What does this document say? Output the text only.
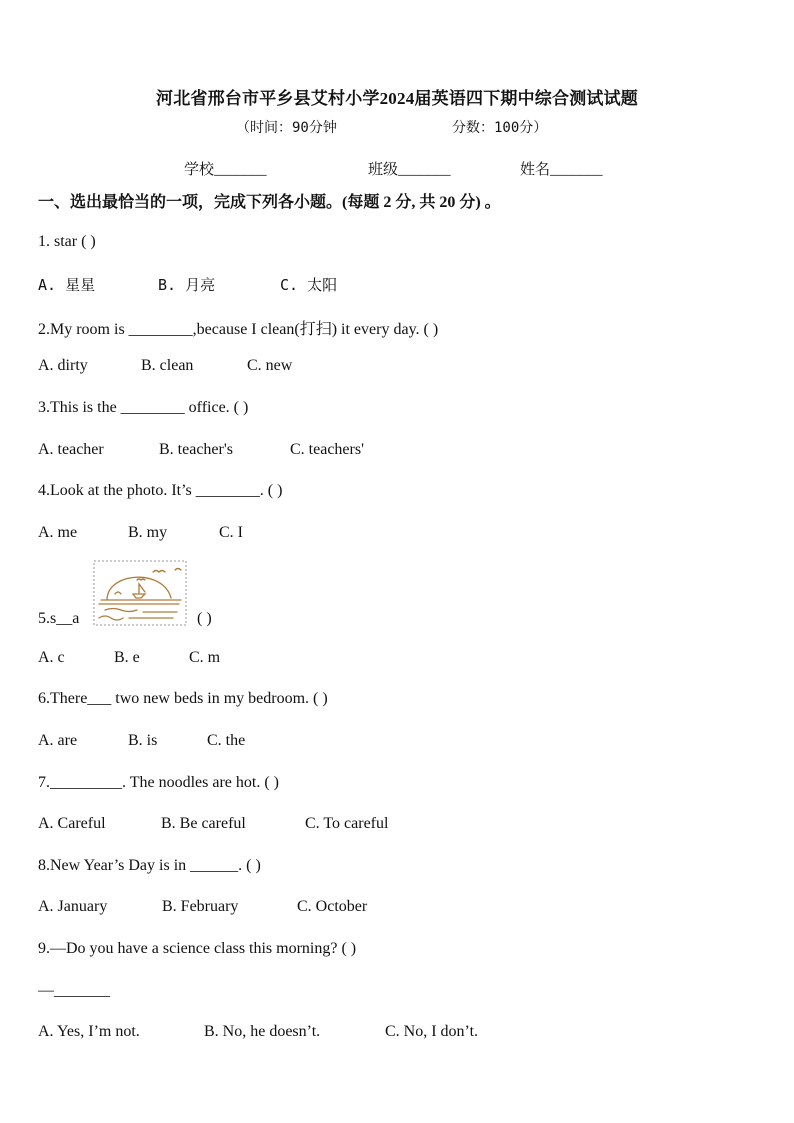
河北省邢台市平乡县艾村小学2024届英语四下期中综合测试试题
（时间：90分钟	分数：100分）
学校_______	班级_______	姓名_______
一、选出最恰当的一项，完成下列各小题。(每题 2 分, 共 20 分) 。
1. star ( )
A. 星星	B. 月亮	C. 太阳
2.My room is ________,because I clean(打扫) it every day. ( )
A. dirty	B. clean	C. new
3.This is the ________ office. ( )
A. teacher	B. teacher's	C. teachers'
4.Look at the photo. It’s ________. ( )
A. me	B. my	C. I
5.s__a	( )
A. c	B. e	C. m
6.There___ two new beds in my bedroom. ( )
A. are	B. is	C. the
7._________. The noodles are hot. ( )
A. Careful	B. Be careful	C. To careful
8.New Year’s Day is in ______. ( )
A. January	B. February	C. October
9.—Do you have a science class this morning? ( )
—_______
A. Yes, I’m not.	B. No, he doesn’t.	C. No, I don’t.
